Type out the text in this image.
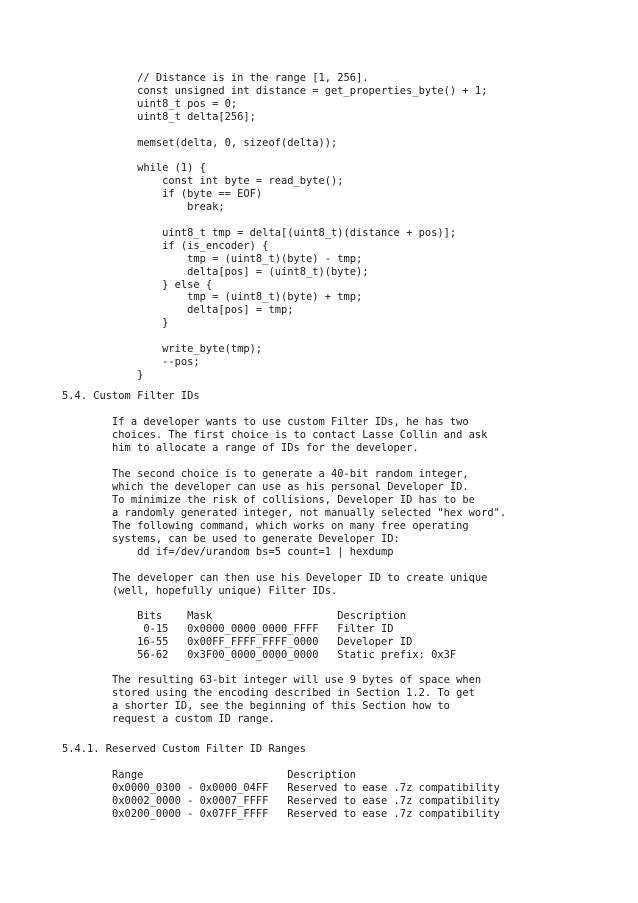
// Distance is in the range [1, 256].
const unsigned int distance = get_properties_byte() + 1;
uint8_t pos = 0;
uint8_t delta[256];

memset(delta, 0, sizeof(delta));

while (1) {
const int byte = read_byte();
if (byte == EOF)
break;

uint8_t tmp = delta[(uint8_t)(distance + pos)];
if (is_encoder) {
tmp = (uint8_t)(byte) - tmp;
delta[pos] = (uint8_t)(byte);
} else {
tmp = (uint8_t)(byte) + tmp;
delta[pos] = tmp;
}

write_byte(tmp);
--pos;
}
5.4. Custom Filter IDs
If a developer wants to use custom Filter IDs, he has two
choices. The first choice is to contact Lasse Collin and ask
him to allocate a range of IDs for the developer.
The second choice is to generate a 40-bit random integer,
which the developer can use as his personal Developer ID.
To minimize the risk of collisions, Developer ID has to be
a randomly generated integer, not manually selected "hex word".
The following command, which works on many free operating
systems, can be used to generate Developer ID:
dd if=/dev/urandom bs=5 count=1 | hexdump
The developer can then use his Developer ID to create unique
(well, hopefully unique) Filter IDs.
Bits    Mask                    Description
0-15   0x0000_0000_0000_FFFF   Filter ID
16-55   0x00FF_FFFF_FFFF_0000   Developer ID
56-62   0x3F00_0000_0000_0000   Static prefix: 0x3F
The resulting 63-bit integer will use 9 bytes of space when
stored using the encoding described in Section 1.2. To get
a shorter ID, see the beginning of this Section how to
request a custom ID range.
5.4.1. Reserved Custom Filter ID Ranges
Range                       Description
0x0000_0300 - 0x0000_04FF   Reserved to ease .7z compatibility
0x0002_0000 - 0x0007_FFFF   Reserved to ease .7z compatibility
0x0200_0000 - 0x07FF_FFFF   Reserved to ease .7z compatibility
